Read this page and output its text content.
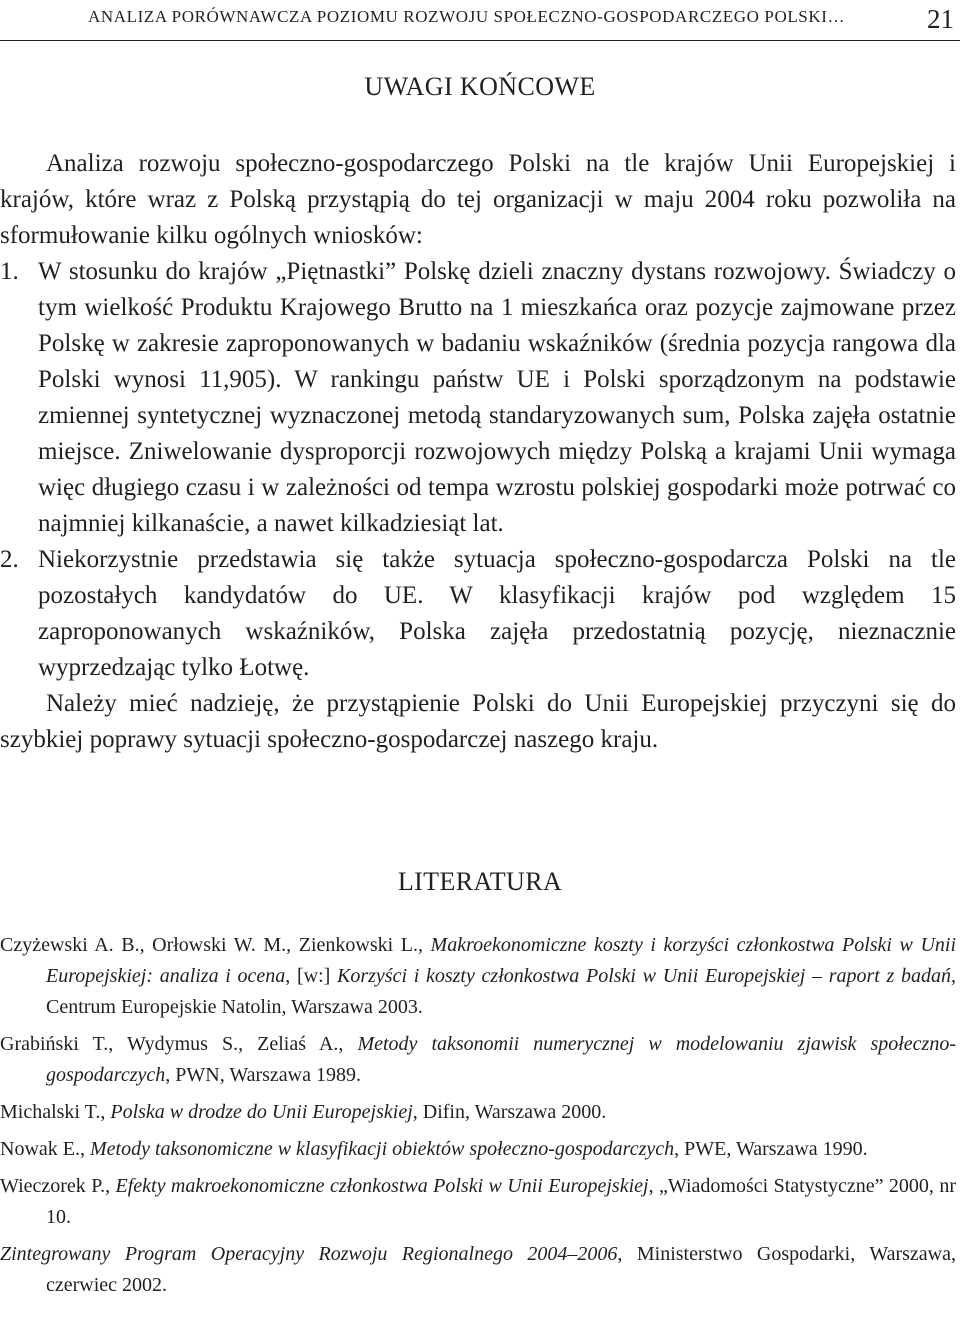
ANALIZA PORÓWNAWCZA POZIOMU ROZWOJU SPOŁECZNO-GOSPODARCZEGO POLSKI…	21
UWAGI KOŃCOWE

Analiza rozwoju społeczno-gospodarczego Polski na tle krajów Unii Europejskiej i krajów, które wraz z Polską przystąpią do tej organizacji w maju 2004 roku pozwoliła na sformułowanie kilku ogólnych wniosków:

1. W stosunku do krajów „Piętnastki” Polskę dzieli znaczny dystans rozwojowy. Świadczy o tym wielkość Produktu Krajowego Brutto na 1 mieszkańca oraz pozycje zajmowane przez Polskę w zakresie zaproponowanych w badaniu wskaźników (średnia pozycja rangowa dla Polski wynosi 11,905). W rankingu państw UE i Polski sporządzonym na podstawie zmiennej syntetycznej wyznaczonej metodą standaryzowanych sum, Polska zajęła ostatnie miejsce. Zniwelowanie dysproporcji rozwojowych między Polską a krajami Unii wymaga więc długiego czasu i w zależności od tempa wzrostu polskiej gospodarki może potrwać co najmniej kilkanaście, a nawet kilkadziesiąt lat.

2. Niekorzystnie przedstawia się także sytuacja społeczno-gospodarcza Polski na tle pozostałych kandydatów do UE. W klasyfikacji krajów pod względem 15 zaproponowanych wskaźników, Polska zajęła przedostatnią pozycję, nieznacznie wyprzedzając tylko Łotwę.

Należy mieć nadzieję, że przystąpienie Polski do Unii Europejskiej przyczyni się do szybkiej poprawy sytuacji społeczno-gospodarczej naszego kraju.

LITERATURA

Czyżewski A. B., Orłowski W. M., Zienkowski L., Makroekonomiczne koszty i korzyści członkostwa Polski w Unii Europejskiej: analiza i ocena, [w:] Korzyści i koszty członkostwa Polski w Unii Europejskiej – raport z badań, Centrum Europejskie Natolin, Warszawa 2003.

Grabiński T., Wydymus S., Zeliaś A., Metody taksonomii numerycznej w modelowaniu zjawisk społeczno-gospodarczych, PWN, Warszawa 1989.

Michalski T., Polska w drodze do Unii Europejskiej, Difin, Warszawa 2000.

Nowak E., Metody taksonomiczne w klasyfikacji obiektów społeczno-gospodarczych, PWE, Warszawa 1990.

Wieczorek P., Efekty makroekonomiczne członkostwa Polski w Unii Europejskiej, „Wiadomości Statystyczne” 2000, nr 10.

Zintegrowany Program Operacyjny Rozwoju Regionalnego 2004–2006, Ministerstwo Gospodarki, Warszawa, czerwiec 2002.
